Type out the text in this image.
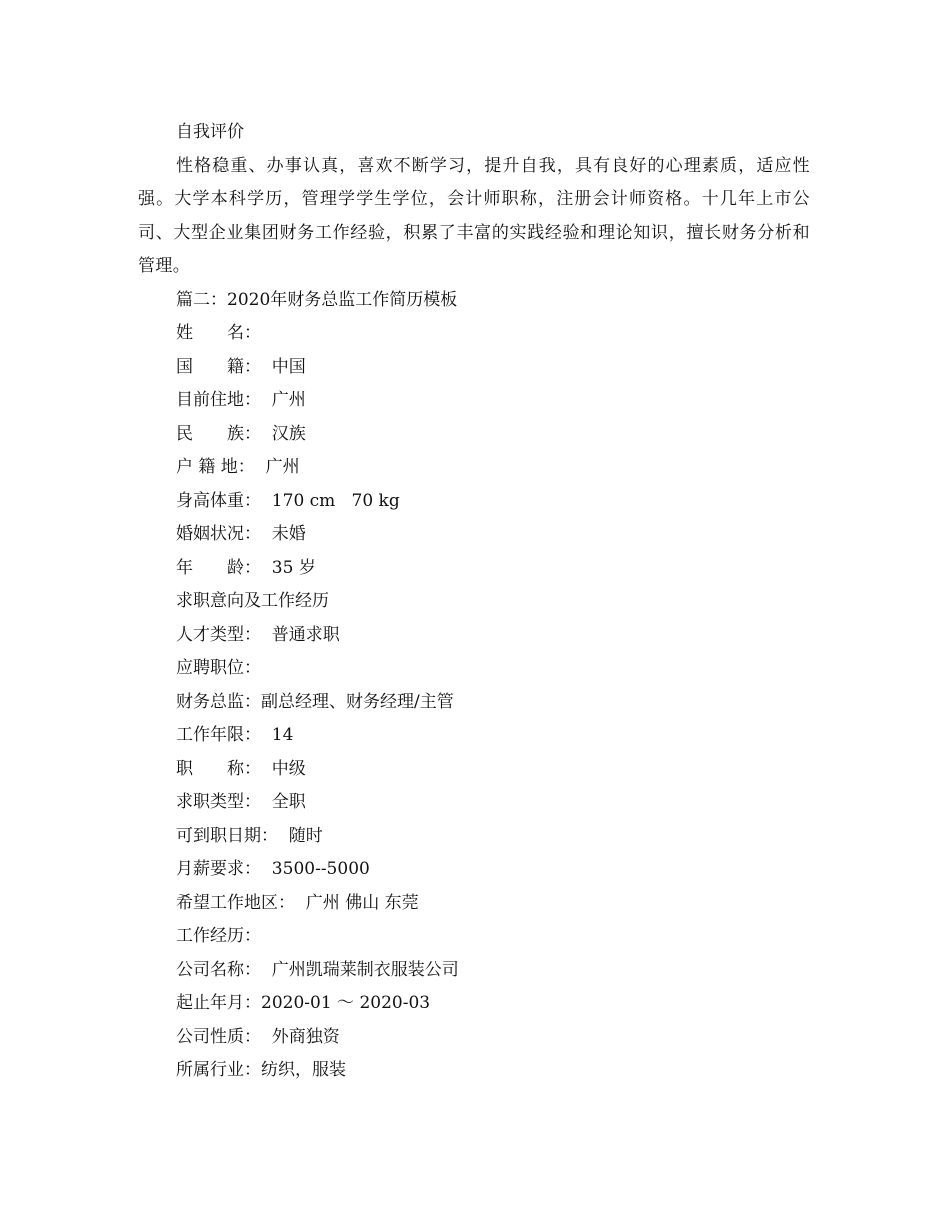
自我评价
性格稳重、办事认真，喜欢不断学习，提升自我，具有良好的心理素质，适应性强。大学本科学历，管理学学生学位，会计师职称，注册会计师资格。十几年上市公司、大型企业集团财务工作经验，积累了丰富的实践经验和理论知识，擅长财务分析和管理。
篇二：2020年财务总监工作简历模板
姓　　名：
国　　籍：  中国
目前住地：  广州
民　　族：  汉族
户 籍 地：  广州
身高体重：  170 cm   70 kg
婚姻状况：  未婚
年　　龄：  35 岁
求职意向及工作经历
人才类型：  普通求职
应聘职位：
财务总监：副总经理、财务经理/主管
工作年限：  14
职　　称：  中级
求职类型：  全职
可到职日期：  随时
月薪要求：  3500--5000
希望工作地区：  广州 佛山 东莞
工作经历：
公司名称：  广州凯瑞莱制衣服装公司
起止年月：2020-01 ～ 2020-03
公司性质：  外商独资
所属行业：纺织，服装
